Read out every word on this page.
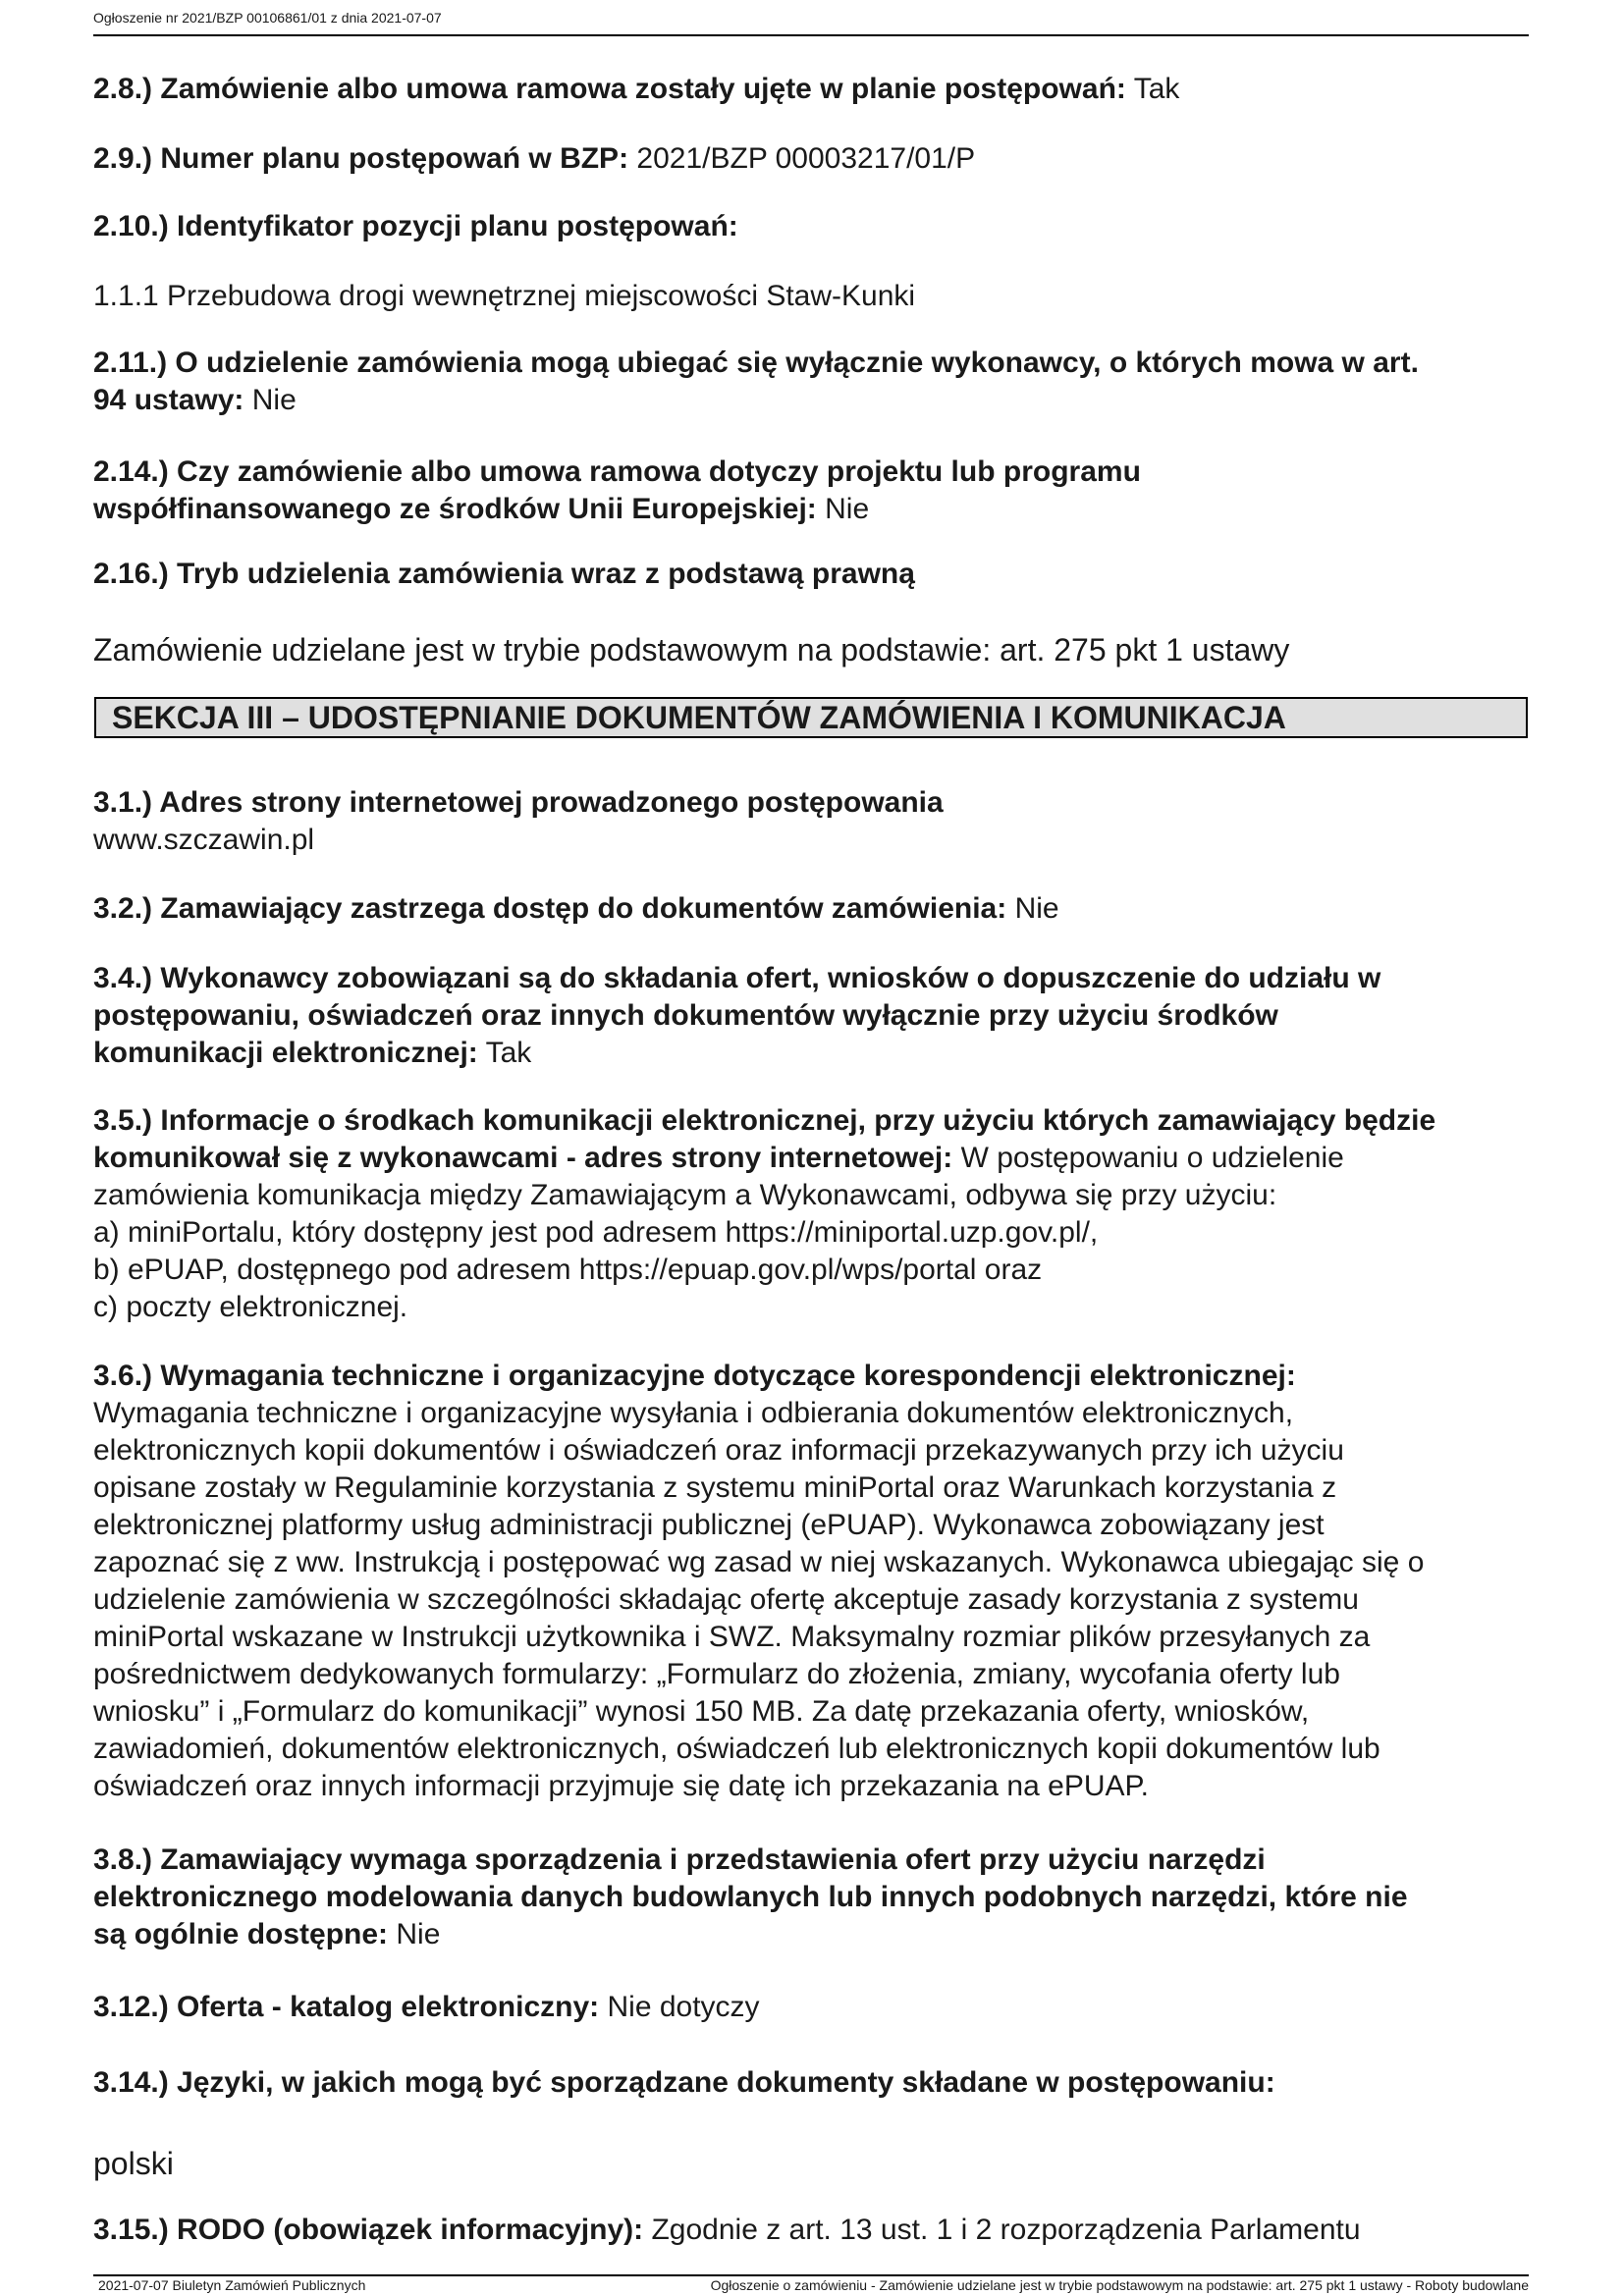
Ogłoszenie nr 2021/BZP 00106861/01 z dnia 2021-07-07
2.8.) Zamówienie albo umowa ramowa zostały ujęte w planie postępowań: Tak
2.9.) Numer planu postępowań w BZP: 2021/BZP 00003217/01/P
2.10.) Identyfikator pozycji planu postępowań:
1.1.1 Przebudowa drogi wewnętrznej miejscowości Staw-Kunki
2.11.) O udzielenie zamówienia mogą ubiegać się wyłącznie wykonawcy, o których mowa w art.
94 ustawy: Nie
2.14.) Czy zamówienie albo umowa ramowa dotyczy projektu lub programu
współfinansowanego ze środków Unii Europejskiej: Nie
2.16.) Tryb udzielenia zamówienia wraz z podstawą prawną
Zamówienie udzielane jest w trybie podstawowym na podstawie: art. 275 pkt 1 ustawy
SEKCJA III – UDOSTĘPNIANIE DOKUMENTÓW ZAMÓWIENIA I KOMUNIKACJA
3.1.) Adres strony internetowej prowadzonego postępowania
www.szczawin.pl
3.2.) Zamawiający zastrzega dostęp do dokumentów zamówienia: Nie
3.4.) Wykonawcy zobowiązani są do składania ofert, wniosków o dopuszczenie do udziału w
postępowaniu, oświadczeń oraz innych dokumentów wyłącznie przy użyciu środków
komunikacji elektronicznej: Tak
3.5.) Informacje o środkach komunikacji elektronicznej, przy użyciu których zamawiający będzie
komunikował się z wykonawcami - adres strony internetowej: W postępowaniu o udzielenie
zamówienia komunikacja między Zamawiającym a Wykonawcami, odbywa się przy użyciu:
a) miniPortalu, który dostępny jest pod adresem https://miniportal.uzp.gov.pl/,
b) ePUAP, dostępnego pod adresem https://epuap.gov.pl/wps/portal oraz
c) poczty elektronicznej.
3.6.) Wymagania techniczne i organizacyjne dotyczące korespondencji elektronicznej:
Wymagania techniczne i organizacyjne wysyłania i odbierania dokumentów elektronicznych,
elektronicznych kopii dokumentów i oświadczeń oraz informacji przekazywanych przy ich użyciu
opisane zostały w Regulaminie korzystania z systemu miniPortal oraz Warunkach korzystania z
elektronicznej platformy usług administracji publicznej (ePUAP). Wykonawca zobowiązany jest
zapoznać się z ww. Instrukcją i postępować wg zasad w niej wskazanych. Wykonawca ubiegając się o
udzielenie zamówienia w szczególności składając ofertę akceptuje zasady korzystania z systemu
miniPortal wskazane w Instrukcji użytkownika i SWZ. Maksymalny rozmiar plików przesyłanych za
pośrednictwem dedykowanych formularzy: „Formularz do złożenia, zmiany, wycofania oferty lub
wniosku” i „Formularz do komunikacji” wynosi 150 MB. Za datę przekazania oferty, wniosków,
zawiadomień, dokumentów elektronicznych, oświadczeń lub elektronicznych kopii dokumentów lub
oświadczeń oraz innych informacji przyjmuje się datę ich przekazania na ePUAP.
3.8.) Zamawiający wymaga sporządzenia i przedstawienia ofert przy użyciu narzędzi
elektronicznego modelowania danych budowlanych lub innych podobnych narzędzi, które nie
są ogólnie dostępne: Nie
3.12.) Oferta - katalog elektroniczny: Nie dotyczy
3.14.) Języki, w jakich mogą być sporządzane dokumenty składane w postępowaniu:
polski
3.15.) RODO (obowiązek informacyjny): Zgodnie z art. 13 ust. 1 i 2 rozporządzenia Parlamentu
2021-07-07 Biuletyn Zamówień Publicznych	Ogłoszenie o zamówieniu - Zamówienie udzielane jest w trybie podstawowym na podstawie: art. 275 pkt 1 ustawy - Roboty budowlane
